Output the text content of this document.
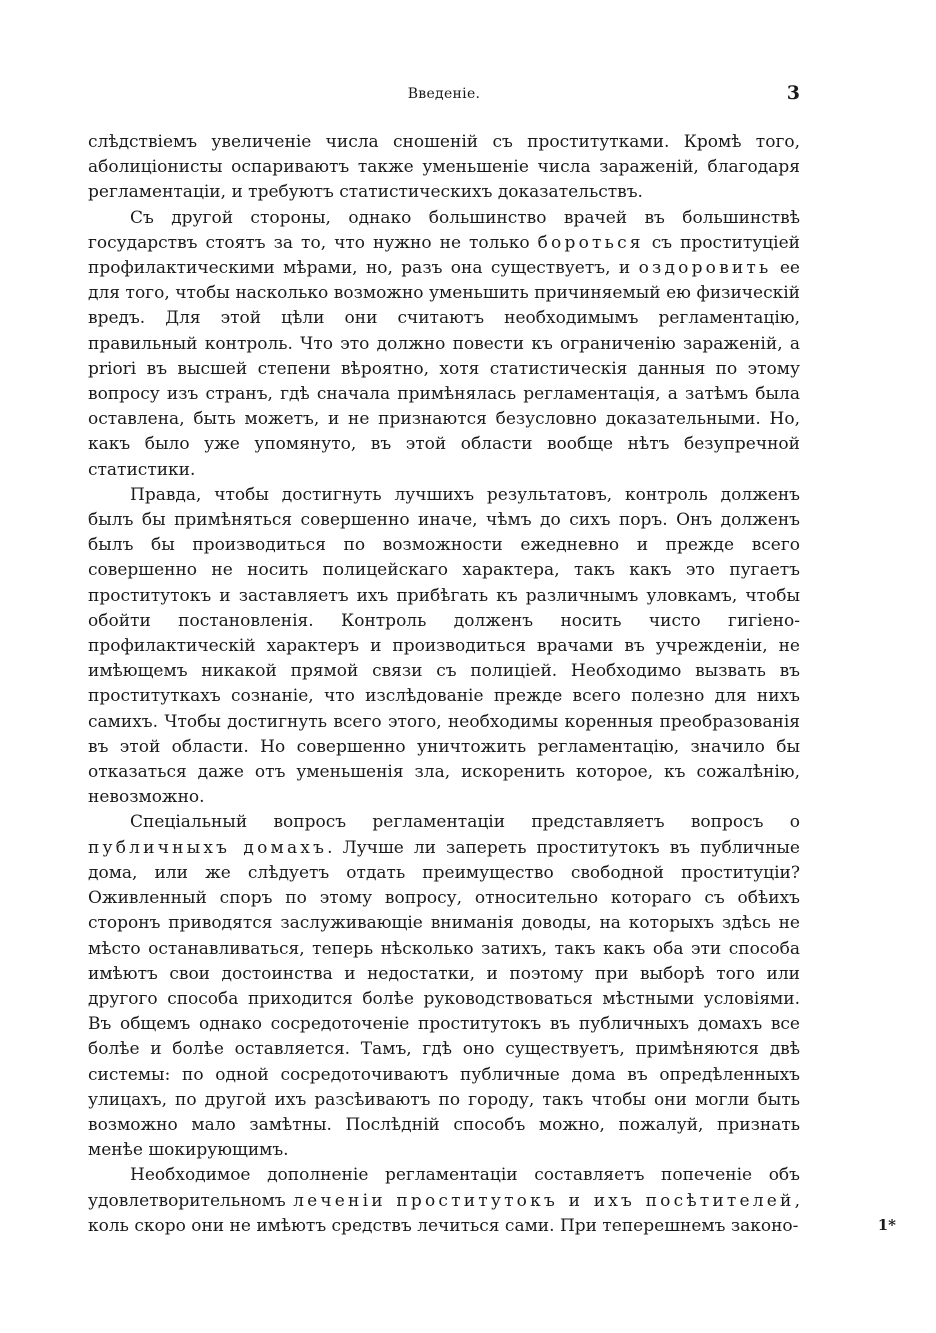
Введеніе.	3

слѣдствіемъ увеличеніе числа сношеній съ проститутками. Кромѣ того, аболиціонисты оспариваютъ также уменьшеніе числа зараженій, благодаря регламентаціи, и требуютъ статистическихъ доказательствъ.

Съ другой стороны, однако большинство врачей въ большинствѣ государствъ стоятъ за то, что нужно не только бороться съ проституціей профилактическими мѣрами, но, разъ она существуетъ, и оздоровить ее для того, чтобы насколько возможно уменьшить причиняемый ею физическій вредъ. Для этой цѣли они считаютъ необходимымъ регламентацію, правильный контроль. Что это должно повести къ ограниченію зараженій, а priori въ высшей степени вѣроятно, хотя статистическія данныя по этому вопросу изъ странъ, гдѣ сначала примѣнялась регламентація, а затѣмъ была оставлена, быть можетъ, и не признаются безусловно доказательными. Но, какъ было уже упомянуто, въ этой области вообще нѣтъ безупречной статистики.

Правда, чтобы достигнуть лучшихъ результатовъ, контроль долженъ былъ бы примѣняться совершенно иначе, чѣмъ до сихъ поръ. Онъ долженъ былъ бы производиться по возможности ежедневно и прежде всего совершенно не носить полицейскаго характера, такъ какъ это пугаетъ проститутокъ и заставляетъ ихъ прибѣгать къ различнымъ уловкамъ, чтобы обойти постановленія. Контроль долженъ носить чисто гигіено-профилактическій характеръ и производиться врачами въ учрежденіи, не имѣющемъ никакой прямой связи съ полиціей. Необходимо вызвать въ проституткахъ сознаніе, что изслѣдованіе прежде всего полезно для нихъ самихъ. Чтобы достигнуть всего этого, необходимы коренныя преобразованія въ этой области. Но совершенно уничтожить регламентацію, значило бы отказаться даже отъ уменьшенія зла, искоренить которое, къ сожалѣнію, невозможно.

Спеціальный вопросъ регламентаціи представляетъ вопросъ о публичныхъ домахъ. Лучше ли запереть проститутокъ въ публичные дома, или же слѣдуетъ отдать преимущество свободной проституціи? Оживленный споръ по этому вопросу, относительно котораго съ обѣихъ сторонъ приводятся заслуживающіе вниманія доводы, на которыхъ здѣсь не мѣсто останавливаться, теперь нѣсколько затихъ, такъ какъ оба эти способа имѣютъ свои достоинства и недостатки, и поэтому при выборѣ того или другого способа приходится болѣе руководствоваться мѣстными условіями. Въ общемъ однако сосредоточеніе проститутокъ въ публичныхъ домахъ все болѣе и болѣе оставляется. Тамъ, гдѣ оно существуетъ, примѣняются двѣ системы: по одной сосредоточиваютъ публичные дома въ опредѣленныхъ улицахъ, по другой ихъ разсѣиваютъ по городу, такъ чтобы они могли быть возможно мало замѣтны. Послѣдній способъ можно, пожалуй, признать менѣе шокирующимъ.

Необходимое дополненіе регламентаціи составляетъ попеченіе объ удовлетворительномъ леченіи проститутокъ и ихъ посѣтителей, коль скоро они не имѣютъ средствъ лечиться сами. При теперешнемъ законо-	1*
